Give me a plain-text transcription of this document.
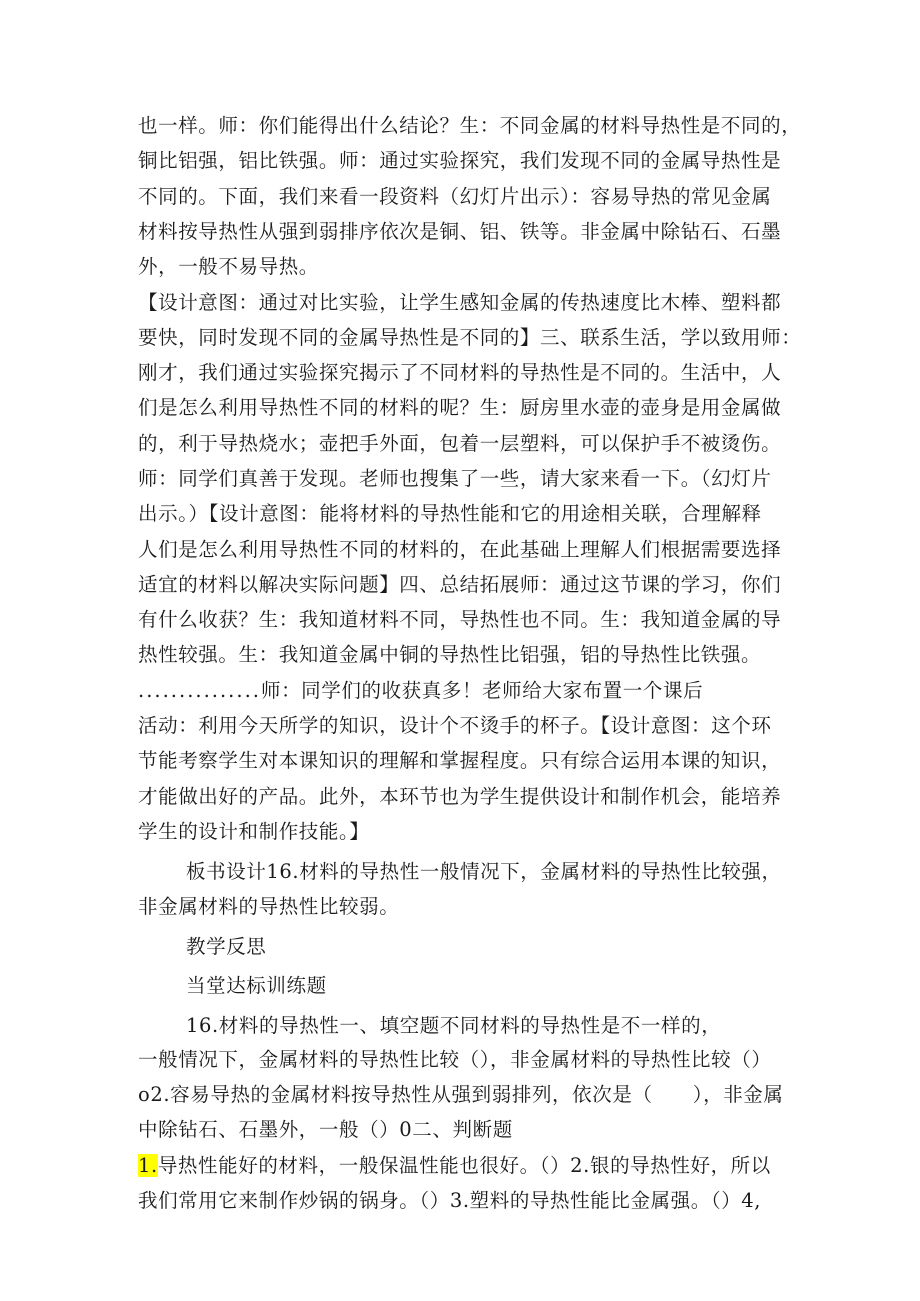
也一样。师：你们能得出什么结论？生：不同金属的材料导热性是不同的，
铜比铝强，铝比铁强。师：通过实验探究，我们发现不同的金属导热性是
不同的。下面，我们来看一段资料（幻灯片出示）：容易导热的常见金属
材料按导热性从强到弱排序依次是铜、铝、铁等。非金属中除钻石、石墨
外，一般不易导热。
【设计意图：通过对比实验，让学生感知金属的传热速度比木棒、塑料都
要快，同时发现不同的金属导热性是不同的】三、联系生活，学以致用师：
刚才，我们通过实验探究揭示了不同材料的导热性是不同的。生活中，人
们是怎么利用导热性不同的材料的呢？生：厨房里水壶的壶身是用金属做
的，利于导热烧水；壶把手外面，包着一层塑料，可以保护手不被烫伤。
师：同学们真善于发现。老师也搜集了一些，请大家来看一下。（幻灯片
出示。）【设计意图：能将材料的导热性能和它的用途相关联，合理解释
人们是怎么利用导热性不同的材料的，在此基础上理解人们根据需要选择
适宜的材料以解决实际问题】四、总结拓展师：通过这节课的学习，你们
有什么收获？生：我知道材料不同，导热性也不同。生：我知道金属的导
热性较强。生：我知道金属中铜的导热性比铝强，铝的导热性比铁强。
...............师：同学们的收获真多！老师给大家布置一个课后
活动：利用今天所学的知识，设计个不烫手的杯子。【设计意图：这个环
节能考察学生对本课知识的理解和掌握程度。只有综合运用本课的知识，
才能做出好的产品。此外，本环节也为学生提供设计和制作机会，能培养
学生的设计和制作技能。】
板书设计16.材料的导热性一般情况下，金属材料的导热性比较强，
非金属材料的导热性比较弱。
教学反思
当堂达标训练题
16.材料的导热性一、填空题不同材料的导热性是不一样的，
一般情况下，金属材料的导热性比较（），非金属材料的导热性比较（）
o2.容易导热的金属材料按导热性从强到弱排列，依次是（　　），非金属
中除钻石、石墨外，一般（）0二、判断题
1.导热性能好的材料，一般保温性能也很好。（）2.银的导热性好，所以
我们常用它来制作炒锅的锅身。（）3.塑料的导热性能比金属强。（）4,
